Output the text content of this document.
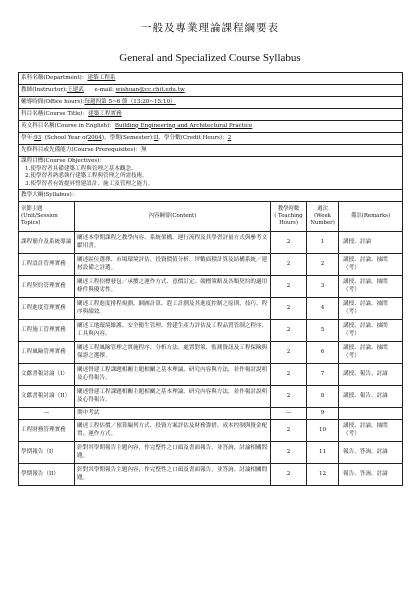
一般及專業理論課程綱要表
General and Specialized Course Syllabus
系科名稱(Department)：建築工程系				
教師(Instructor):王建武 e-mail: wishuan@cc.chit.edu.tw				
輔導時間(Office hours):每週四第 5~6 節（13:20~15:10）				
科目名稱(Course Title)：建築工程實務				
英文科目名稱(Course in English)：Building Engineering and Architectural Practice				
學年:93 (School Year of2004)、學期(Semester):II、學分數(Credit Hours)：2				
先修科目或先備能力(Course Prerequisites)：無				
課程目標(Course Objectives)：
1.使學習者具備建築工程與管理之基本觀念。
2.使學習者熟悉執行建築工程與管理之所需技術。
3.使學習者有效提昇營建設計、施工及管理之能力。				

教學大綱(Syllabus)：				
章節主題
(Unit/Session
Topics)	內容綱要(Content)	教學時數
( Teaching
Hours)	週次
(Week
Number)	備註(Remarks)
課程簡介及系統導論	闡述本學期課程之教學內容、系統架構、運行流程及其學習評量方式與參考文獻用書。	2	1	講授、討論
工程設計管理實務	闡述區位選擇、市場環境評估、投資價值分析、坪數面積計算及結構系統／建材設備之評選。	2	2	講授、討論、抽問（考）
工程契約管理實務	闡述工程招標發包／承攬之運作方式、意價訂定、競標策略及各類契約的適用條件與優劣性。	2	3	講授、討論、抽問（考）
工程進度管理實務	闡述工程進度排程規劃、網圖計算、趕工計劃及其進度控制之原則、技巧、程序與績效。	2	4	講授、討論、抽問（考）
工程施工管理實務	闡述工地環境維護、安全衛生管理、營建生產力評估及工程品質管制之程序、工具與內容。	2	5	講授、討論、抽問（考）
工程風險管理實務	闡述工程風險管理之實施程序、分析方法、處置對策、監測資訊及工程保險與保證之選擇。	2	6	講授、討論、抽問（考）
文獻書報討論（I）	闡述營建工程課題相關主題相關之基本理論、研究內容與方法，並作報討說明及心得報告。	2	7	講授、報告、討論
文獻書報討論（II）	闡述營建工程課題相關主題相關之基本理論、研究內容與方法，並作報討說明及心得報告。	2	8	講授、報告、討論
—	期中考試	—	9	
工程財務管理實務	闡述工程估價／預算編列方式、投資方案評估及財務籌措、成本控制與資金配置、運作方式。	2	10	講授、討論、抽問（考）
學期報告（I）	針對其學期報告主題內容，作完整性之口頭及書面報告，並答詢、討論相關問題。	2	11	報告、答詢、討論
學期報告（II）	針對其學期報告主題內容，作完整性之口頭及書面報告，並答詢、討論相關問題。	2	12	報告、答詢、討論
